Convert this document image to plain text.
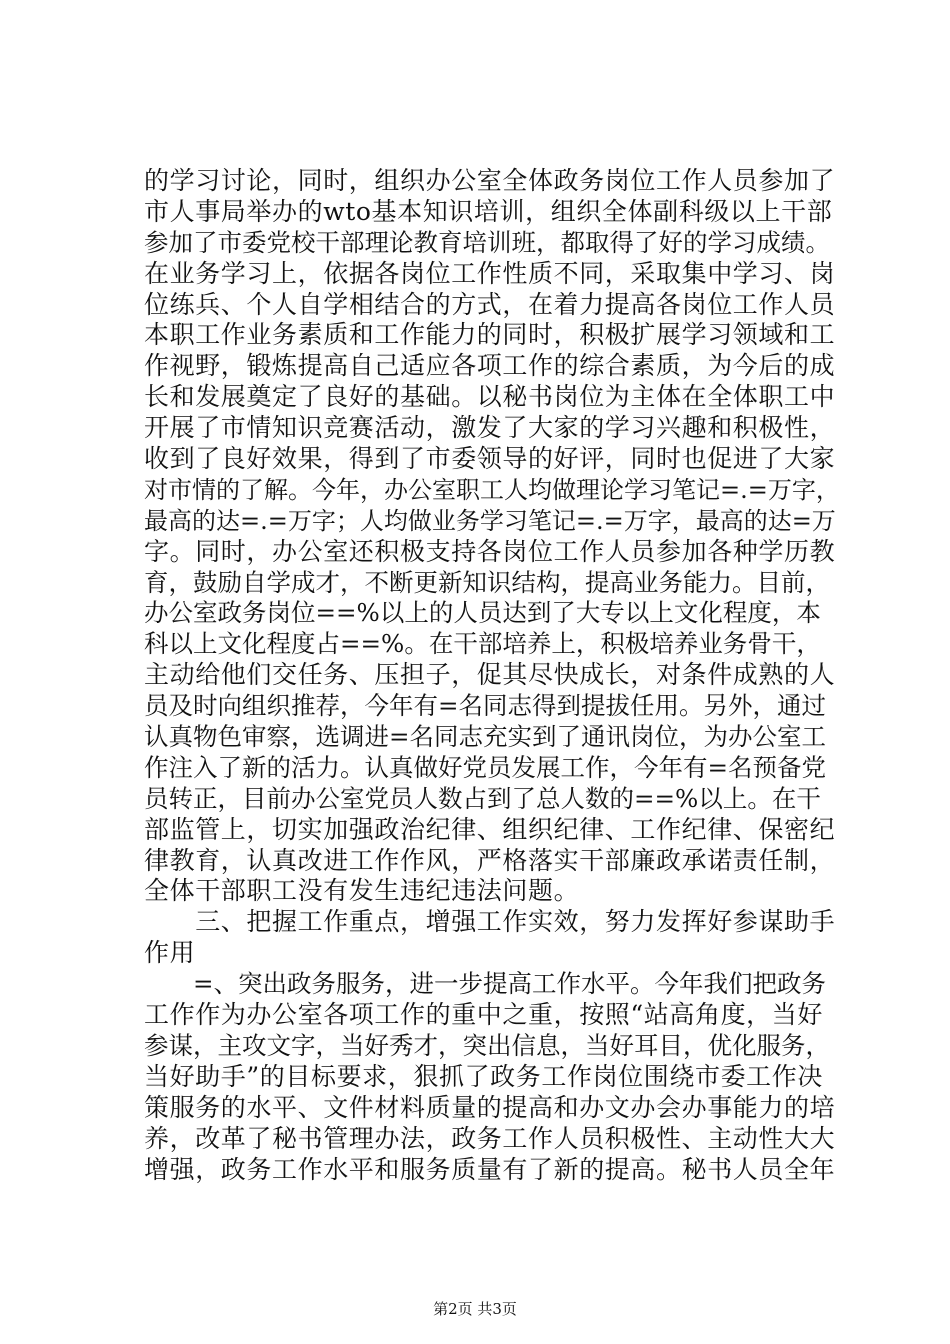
的学习讨论，同时，组织办公室全体政务岗位工作人员参加了
市人事局举办的wto基本知识培训，组织全体副科级以上干部
参加了市委党校干部理论教育培训班，都取得了好的学习成绩。
在业务学习上，依据各岗位工作性质不同，采取集中学习、岗
位练兵、个人自学相结合的方式，在着力提高各岗位工作人员
本职工作业务素质和工作能力的同时，积极扩展学习领域和工
作视野，锻炼提高自己适应各项工作的综合素质，为今后的成
长和发展奠定了良好的基础。以秘书岗位为主体在全体职工中
开展了市情知识竞赛活动，激发了大家的学习兴趣和积极性，
收到了良好效果，得到了市委领导的好评，同时也促进了大家
对市情的了解。今年，办公室职工人均做理论学习笔记=.=万字，
最高的达=.=万字；人均做业务学习笔记=.=万字，最高的达=万
字。同时，办公室还积极支持各岗位工作人员参加各种学历教
育，鼓励自学成才，不断更新知识结构，提高业务能力。目前，
办公室政务岗位==%以上的人员达到了大专以上文化程度，本
科以上文化程度占==%。在干部培养上，积极培养业务骨干，
主动给他们交任务、压担子，促其尽快成长，对条件成熟的人
员及时向组织推荐，今年有=名同志得到提拔任用。另外，通过
认真物色审察，选调进=名同志充实到了通讯岗位，为办公室工
作注入了新的活力。认真做好党员发展工作，今年有=名预备党
员转正，目前办公室党员人数占到了总人数的==%以上。在干
部监管上，切实加强政治纪律、组织纪律、工作纪律、保密纪
律教育，认真改进工作作风，严格落实干部廉政承诺责任制，
全体干部职工没有发生违纪违法问题。
　　三、把握工作重点，增强工作实效，努力发挥好参谋助手
作用
　　=、突出政务服务，进一步提高工作水平。今年我们把政务
工作作为办公室各项工作的重中之重，按照“站高角度，当好
参谋，主攻文字，当好秀才，突出信息，当好耳目，优化服务，
当好助手”的目标要求，狠抓了政务工作岗位围绕市委工作决
策服务的水平、文件材料质量的提高和办文办会办事能力的培
养，改革了秘书管理办法，政务工作人员积极性、主动性大大
增强，政务工作水平和服务质量有了新的提高。秘书人员全年
第2页 共3页
